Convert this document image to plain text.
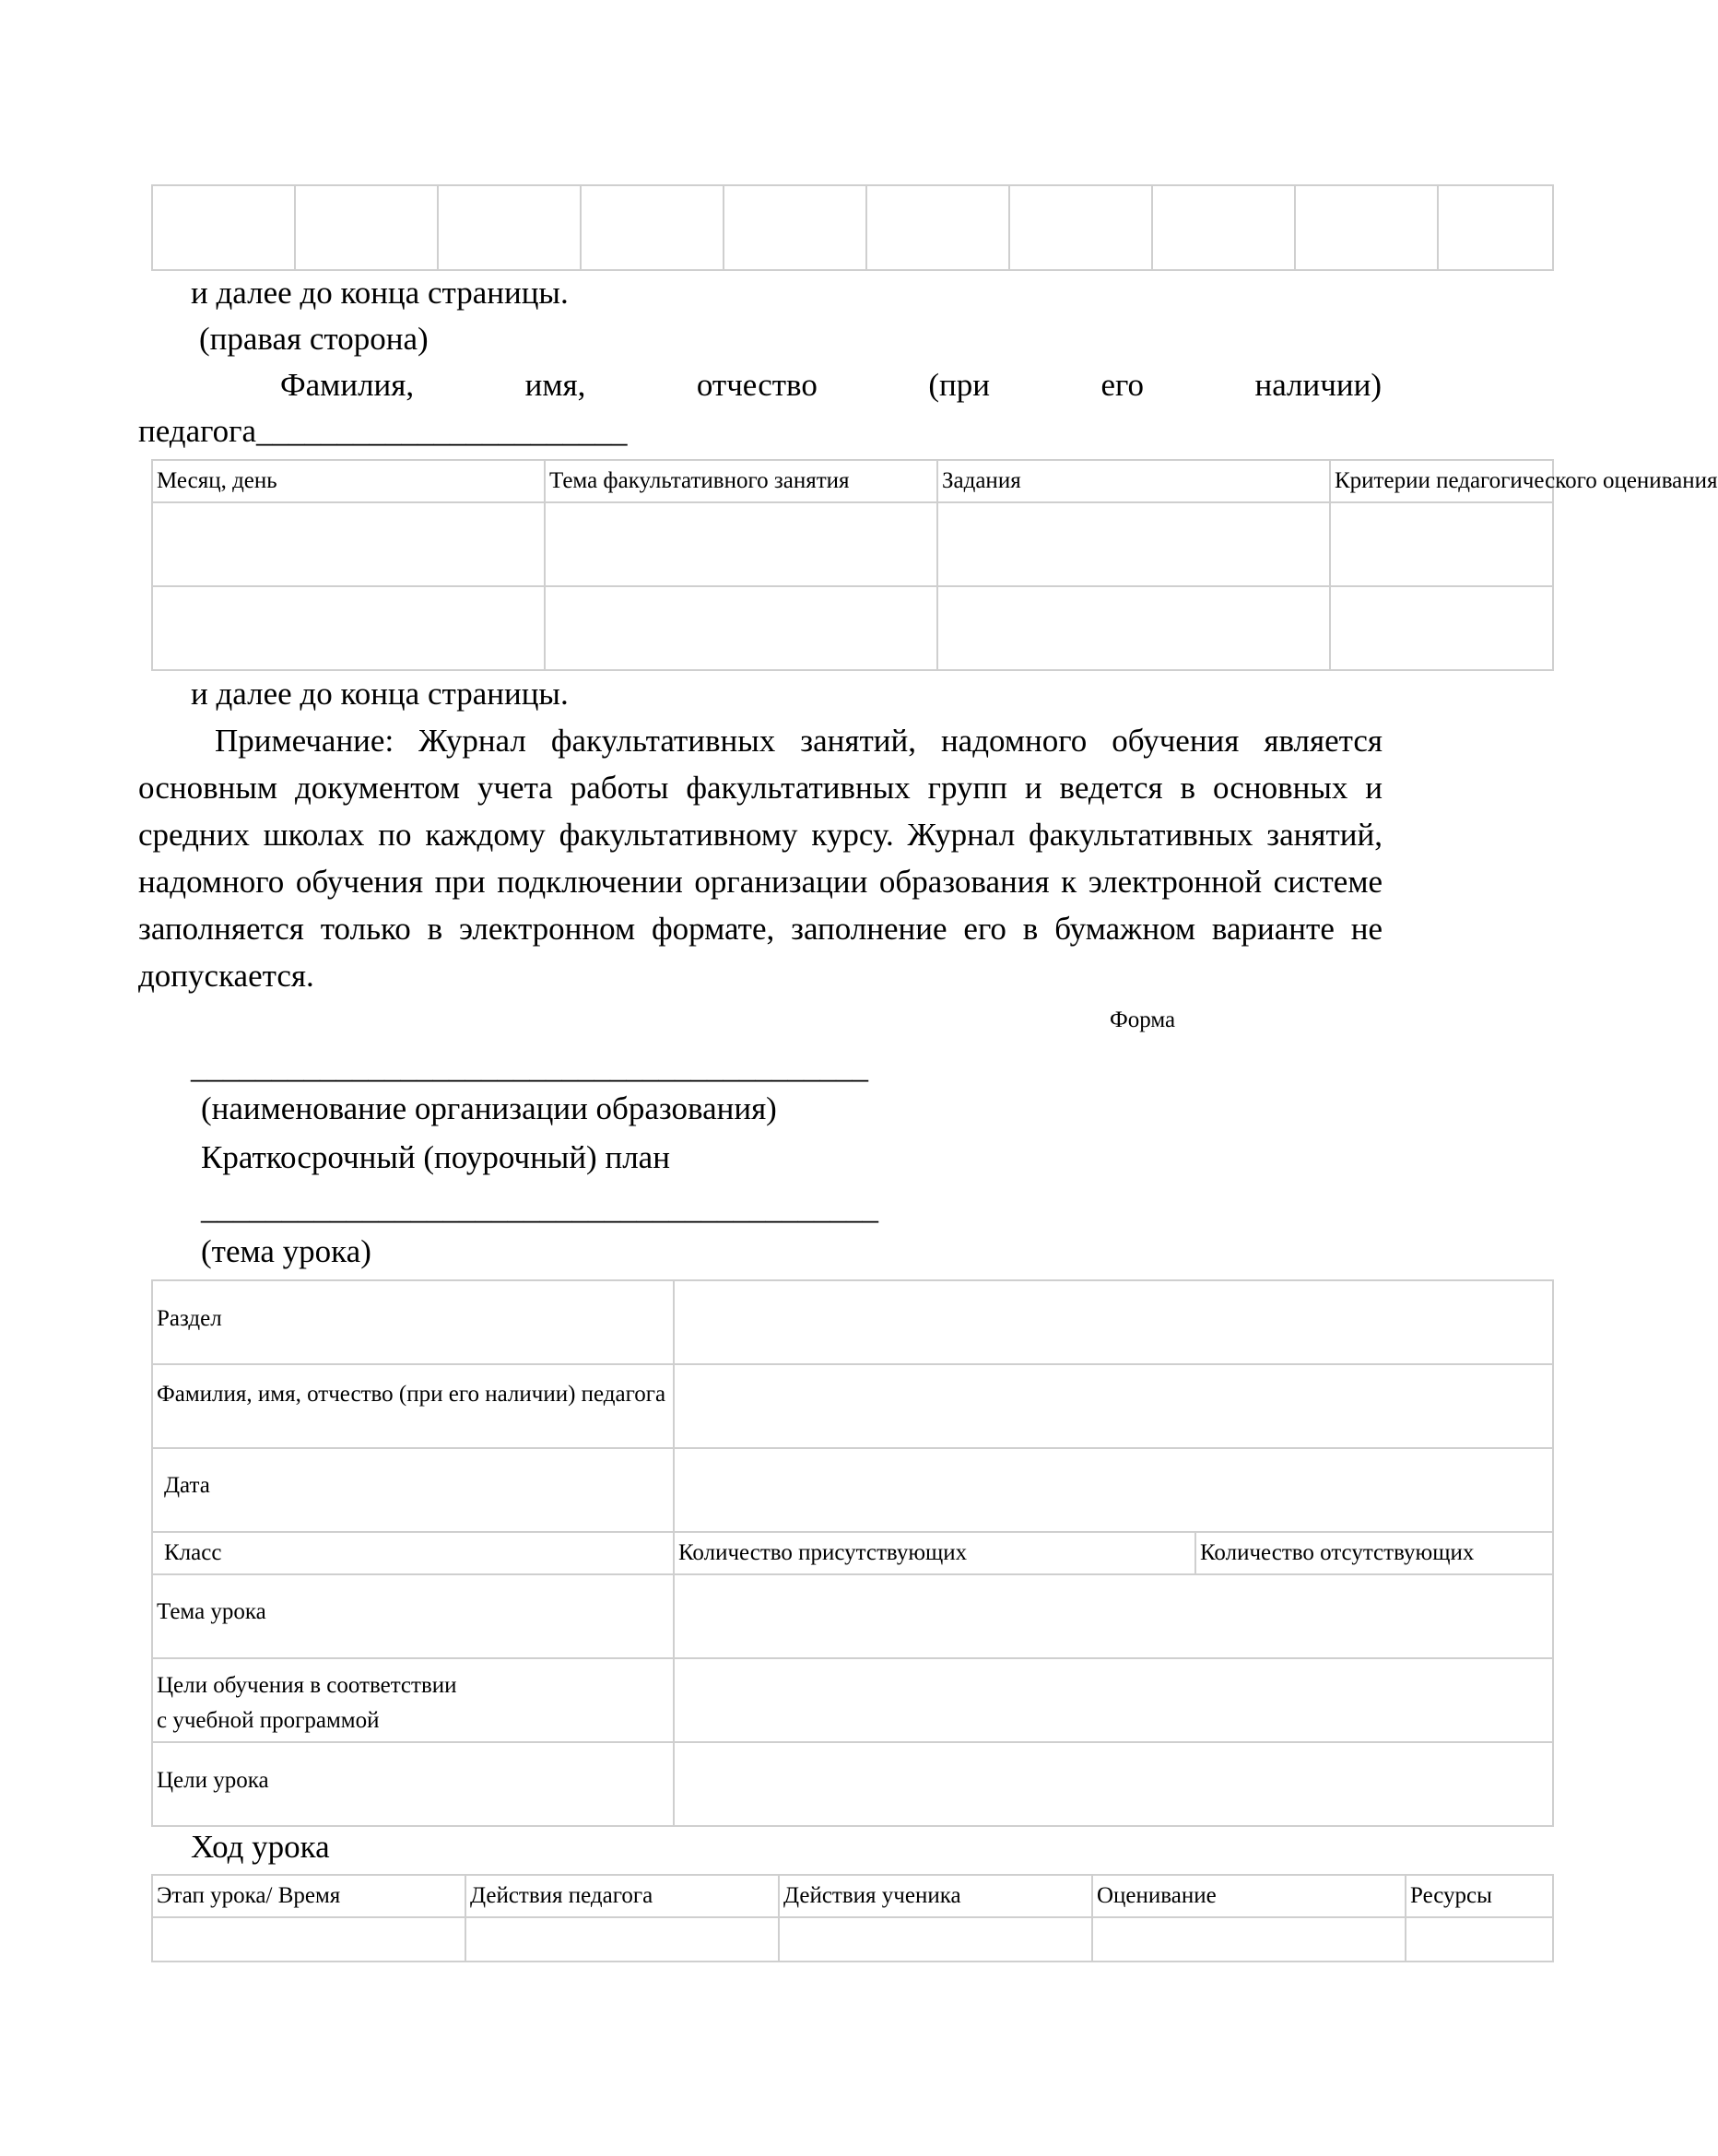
и далее до конца страницы.
(правая сторона)
Фамилия,	имя,	отчество	(при	его	наличии)
педагога_______________________
Месяц, день	Тема факультативного занятия	Задания	Критерии педагогического оценивания

и далее до конца страницы.
Примечание: Журнал факультативных занятий, надомного обучения является основным документом учета работы факультативных групп и ведется в основных и средних школах по каждому факультативному курсу. Журнал факультативных занятий, надомного обучения при подключении организации образования к электронной системе заполняется только в электронном формате, заполнение его в бумажном варианте не допускается.
Форма
__________________________________________
(наименование организации образования)
Краткосрочный (поурочный) план
__________________________________________
(тема урока)
Раздел		

Фамилия, имя, отчество (при его наличии) педагога		

Дата		

Класс	Количество присутствующих	Количество отсутствующих

Тема урока		

Цели обучения в соответствии
с учебной программой		

Цели урока		

Ход урока
Этап урока/ Время	Действия педагога	Действия ученика	Оценивание	Ресурсы
